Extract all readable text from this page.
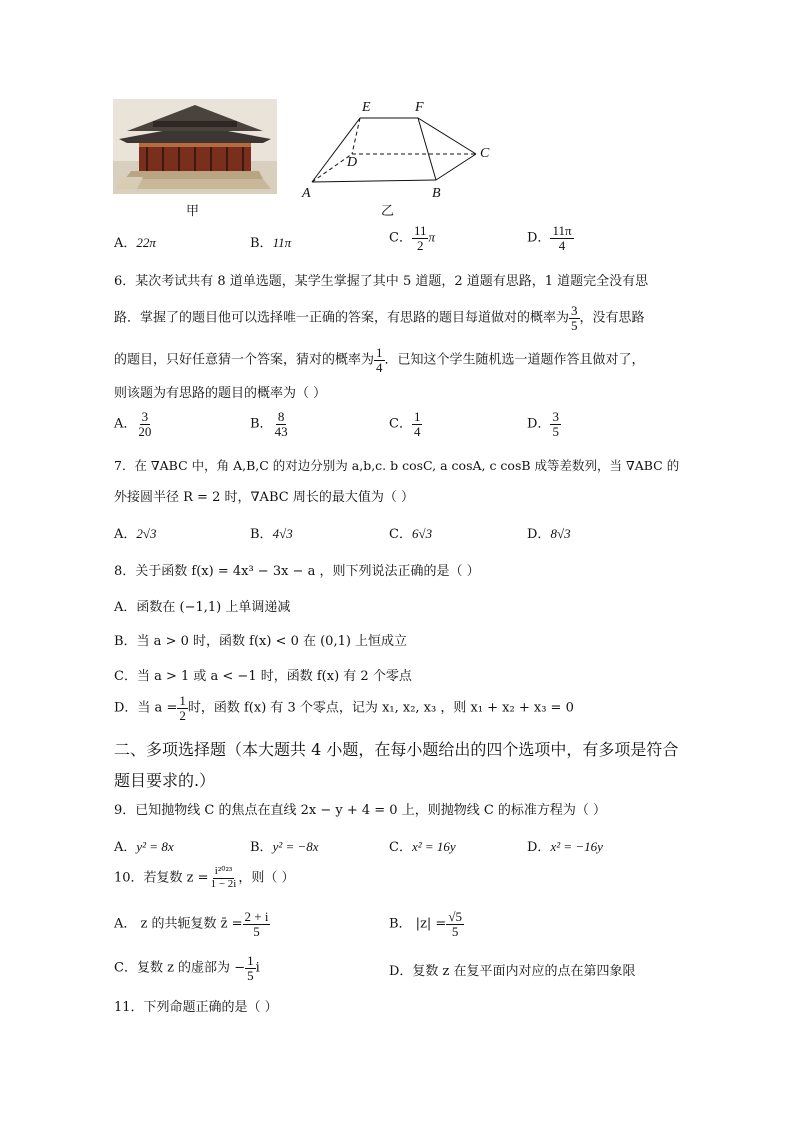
甲
E	F
D
C
A	B
乙
A．22π	B．11π	C． $\frac{11}{2}$ π	D． $\frac{11\pi}{4}$
6．某次考试共有 8 道单选题，某学生掌握了其中 5 道题，2 道题有思路，1 道题完全没有思
路．掌握了的题目他可以选择唯一正确的答案，有思路的题目每道做对的概率为 $\frac{3}{5}$ ，没有思路
的题目，只好任意猜一个答案，猜对的概率为 $\frac{1}{4}$ ．已知这个学生随机选一道题作答且做对了，
则该题为有思路的题目的概率为（ ）
A． $\frac{3}{20}$	B． $\frac{8}{43}$	C． $\frac{1}{4}$	D． $\frac{3}{5}$
7．在 ∇ABC 中，角 A,B,C 的对边分别为 a,b,c. b cosC, a cosA, c cosB 成等差数列，当 ∇ABC 的
外接圆半径 R = 2 时，∇ABC 周长的最大值为（ ）
A．2√3	B．4√3	C．6√3	D．8√3
8．关于函数 f(x) = 4x³ − 3x − a ，则下列说法正确的是（ ）
A．函数在 (−1,1) 上单调递减
B．当 a > 0 时，函数 f(x) < 0 在 (0,1) 上恒成立
C．当 a > 1 或 a < −1 时，函数 f(x) 有 2 个零点
D．当 $a = \frac{1}{2}$ 时，函数 f(x) 有 3 个零点，记为 x₁, x₂, x₃ ，则 x₁ + x₂ + x₃ = 0
二、多项选择题（本大题共 4 小题，在每小题给出的四个选项中，有多项是符合
题目要求的.）
9．已知抛物线 C 的焦点在直线 2x − y + 4 = 0 上，则抛物线 C 的标准方程为（ ）
A．y² = 8x	B．y² = −8x	C．x² = 16y	D．x² = −16y
10．若复数 $z = \frac{\text{i²⁰²³}}{1 - 2i}$ ，则（ ）
A． z 的共轭复数 z̄ = $\frac{2 + i}{5}$	B． $|z| = \frac{√5}{5}$
C．复数 z 的虚部为 − $\frac{1}{5}$ i	D．复数 z 在复平面内对应的点在第四象限
11．下列命题正确的是（ ）
